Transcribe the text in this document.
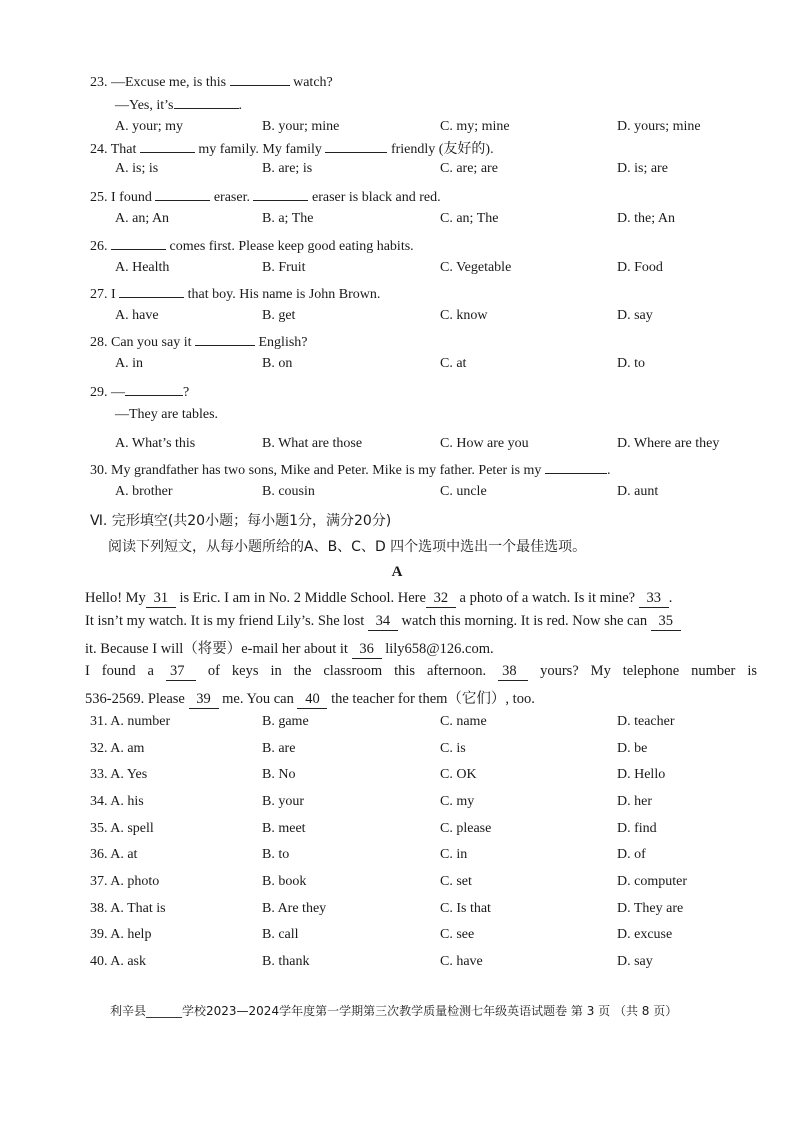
23. —Excuse me, is this	watch?
—Yes, it’s	.
A. your; my	B. your; mine	C. my; mine	D. yours; mine
24. That	my family. My family	friendly (友好的).
A. is; is	B. are; is	C. are; are	D. is; are
25. I found	eraser.	eraser is black and red.
A. an; An	B. a; The	C. an; The	D. the; An
26.	comes first. Please keep good eating habits.
A. Health	B. Fruit	C. Vegetable	D. Food
27. I	that boy. His name is John Brown.
A. have	B. get	C. know	D. say
28. Can you say it	English?
A. in	B. on	C. at	D. to
29. —	?
—They are tables.
A. What’s this	B. What are those	C. How are you	D. Where are they
30. My grandfather has two sons, Mike and Peter. Mike is my father. Peter is my	.
A. brother	B. cousin	C. uncle	D. aunt
Ⅵ. 完形填空(共20小题；每小题1分，满分20分)
阅读下列短文，从每小题所给的A、B、C、D 四个选项中选出一个最佳选项。
A
Hello! My 31 is Eric. I am in No. 2 Middle School. Here 32 a photo of a watch. Is it mine? 33 .
It isn’t my watch. It is my friend Lily’s. She lost 34 watch this morning. It is red. Now she can 35
it. Because I will（将要）e-mail her about it 36 lily658@126.com.
I found a 37 of keys in the classroom this afternoon. 38 yours? My telephone number is
536-2569. Please 39 me. You can 40 the teacher for them（它们）, too.
31. A. number	B. game	C. name	D. teacher
32. A. am	B. are	C. is	D. be
33. A. Yes	B. No	C. OK	D. Hello
34. A. his	B. your	C. my	D. her
35. A. spell	B. meet	C. please	D. find
36. A. at	B. to	C. in	D. of
37. A. photo	B. book	C. set	D. computer
38. A. That is	B. Are they	C. Is that	D. They are
39. A. help	B. call	C. see	D. excuse
40. A. ask	B. thank	C. have	D. say
利辛县______学校2023—2024学年度第一学期第三次教学质量检测七年级英语试题卷 第 3 页 （共 8 页）
